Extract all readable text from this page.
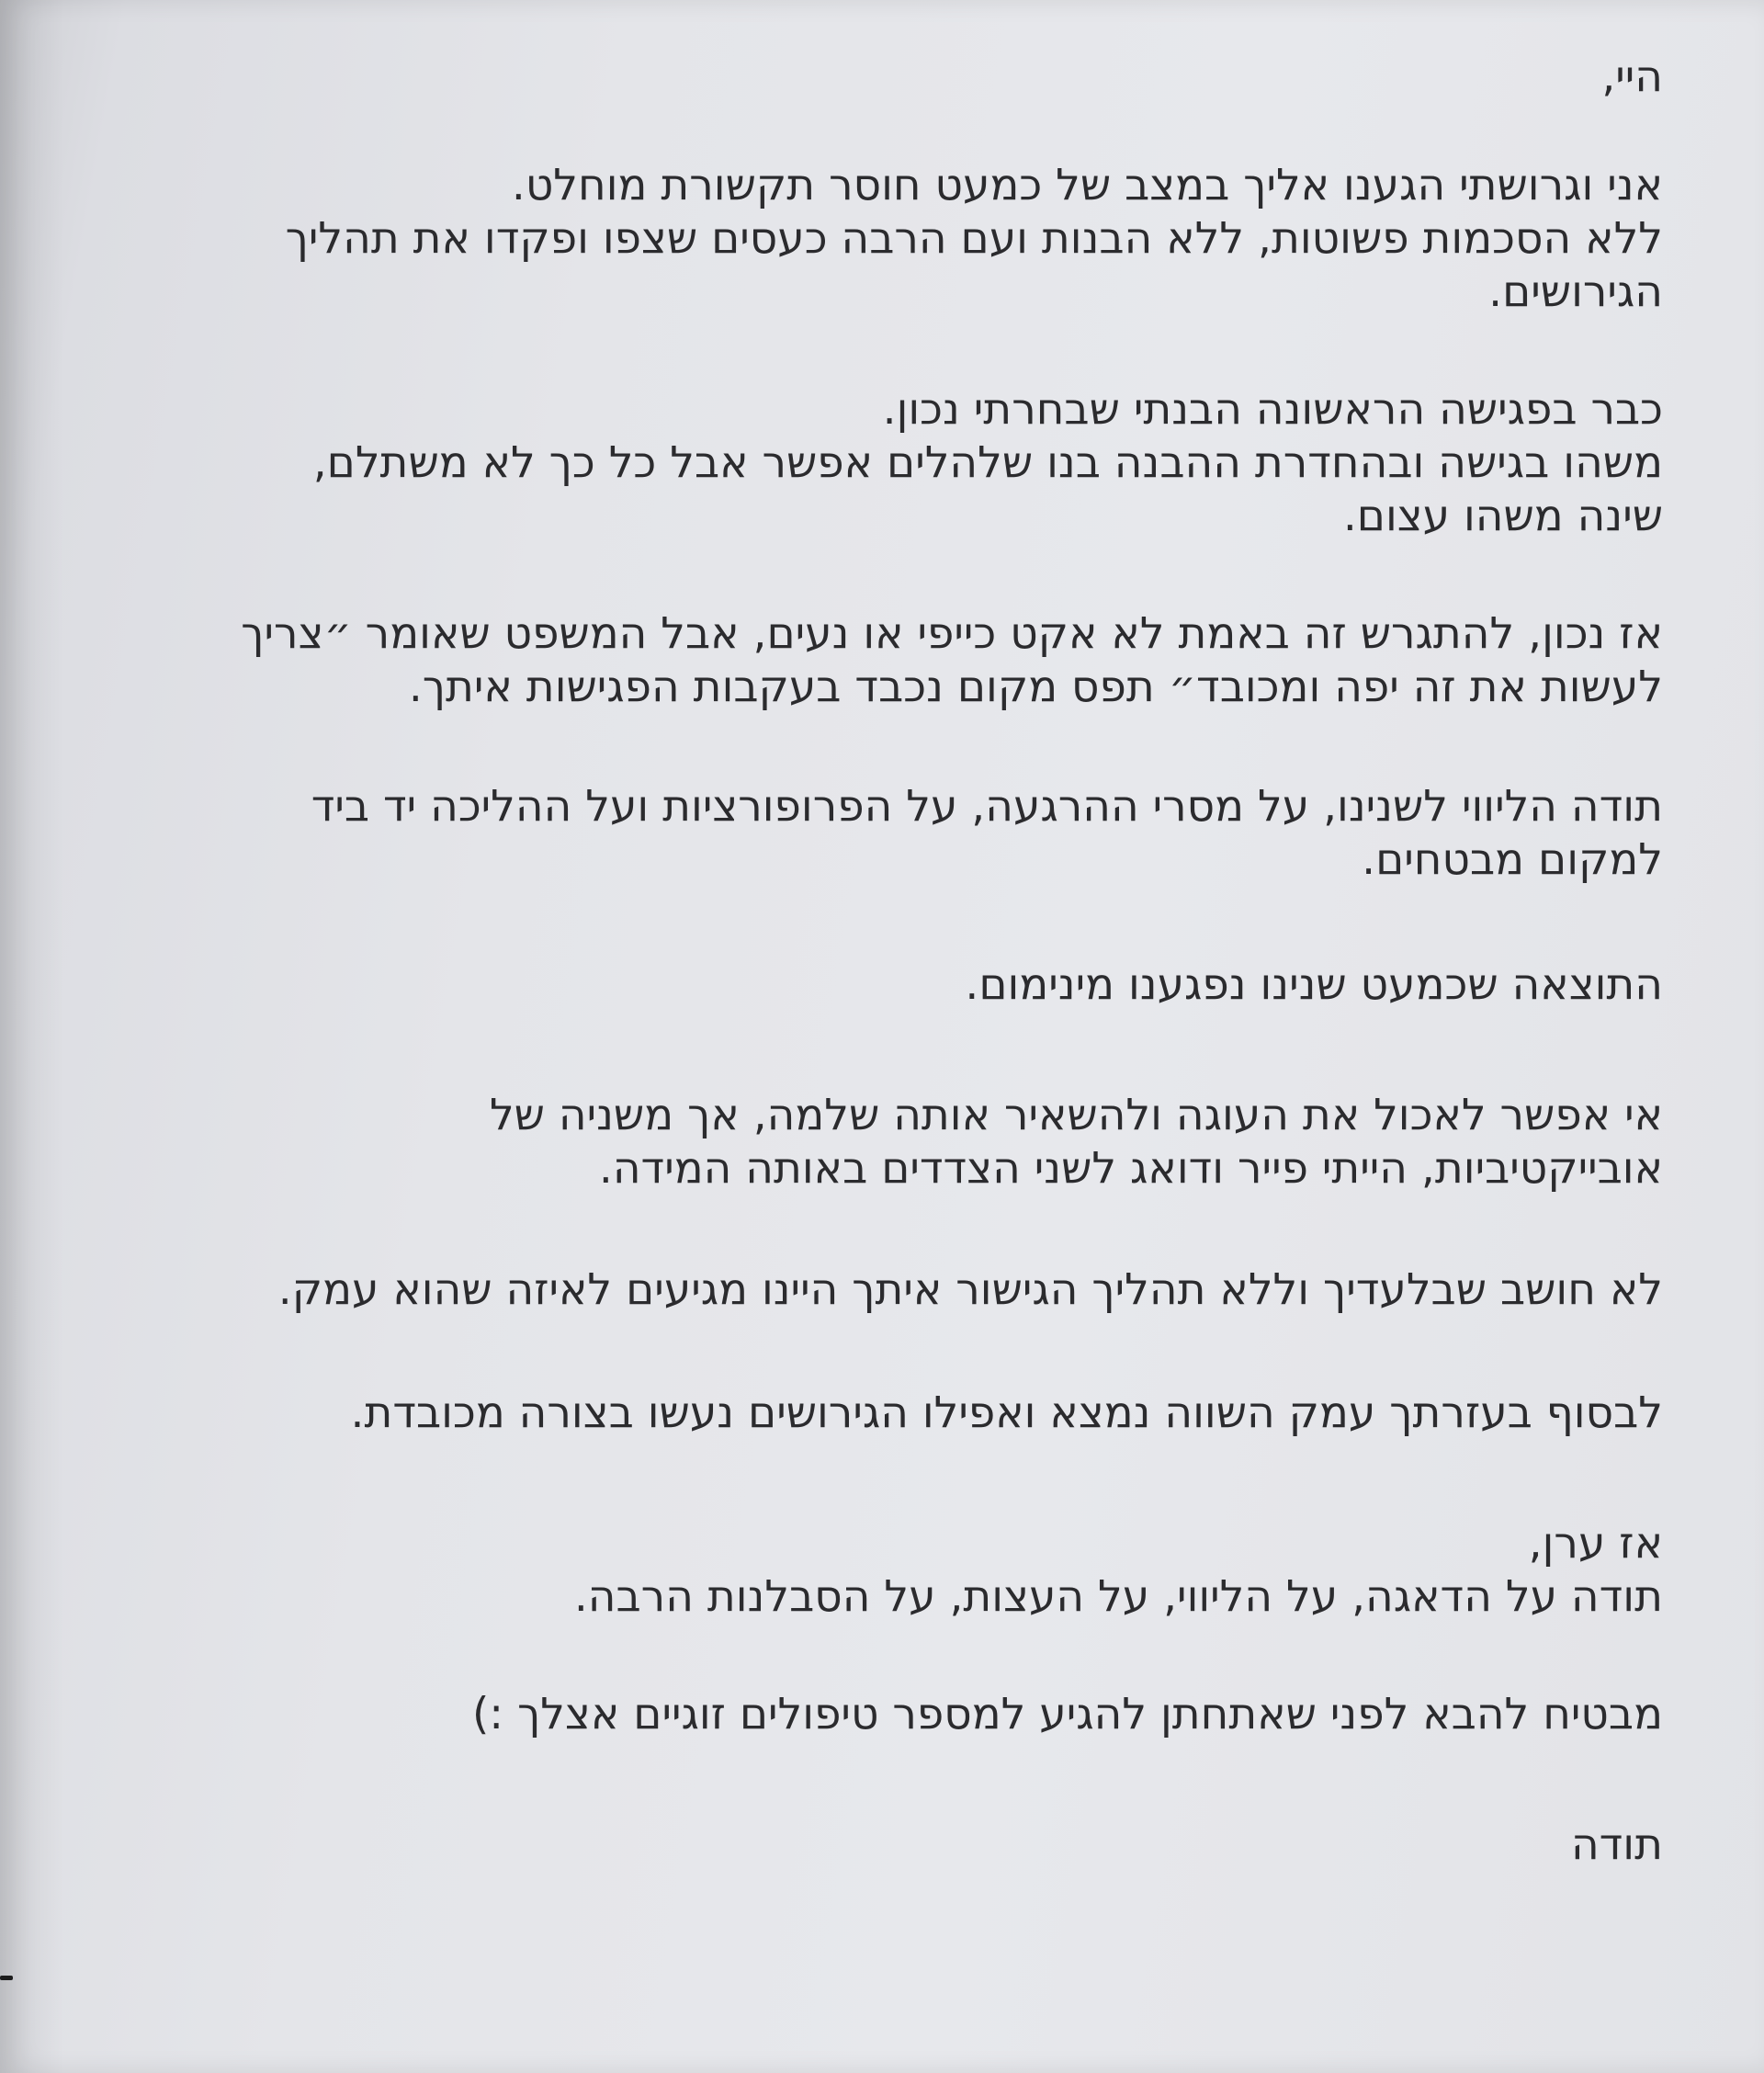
היי,
אני וגרושתי הגענו אליך במצב של כמעט חוסר תקשורת מוחלט.
ללא הסכמות פשוטות, ללא הבנות ועם הרבה כעסים שצפו ופקדו את תהליך
הגירושים.
כבר בפגישה הראשונה הבנתי שבחרתי נכון.
משהו בגישה ובהחדרת ההבנה בנו שלהלים אפשר אבל כל כך לא משתלם,
שינה משהו עצום.
אז נכון, להתגרש זה באמת לא אקט כייפי או נעים, אבל המשפט שאומר ״צריך
לעשות את זה יפה ומכובד״ תפס מקום נכבד בעקבות הפגישות איתך.
תודה הליווי לשנינו, על מסרי ההרגעה, על הפרופורציות ועל ההליכה יד ביד
למקום מבטחים.
התוצאה שכמעט שנינו נפגענו מינימום.
אי אפשר לאכול את העוגה ולהשאיר אותה שלמה, אך משניה של
אובייקטיביות, הייתי פייר ודואג לשני הצדדים באותה המידה.
לא חושב שבלעדיך וללא תהליך הגישור איתך היינו מגיעים לאיזה שהוא עמק.
לבסוף בעזרתך עמק השווה נמצא ואפילו הגירושים נעשו בצורה מכובדת.
אז ערן,
תודה על הדאגה, על הליווי, על העצות, על הסבלנות הרבה.
מבטיח להבא לפני שאתחתן להגיע למספר טיפולים זוגיים אצלך :)
תודה
